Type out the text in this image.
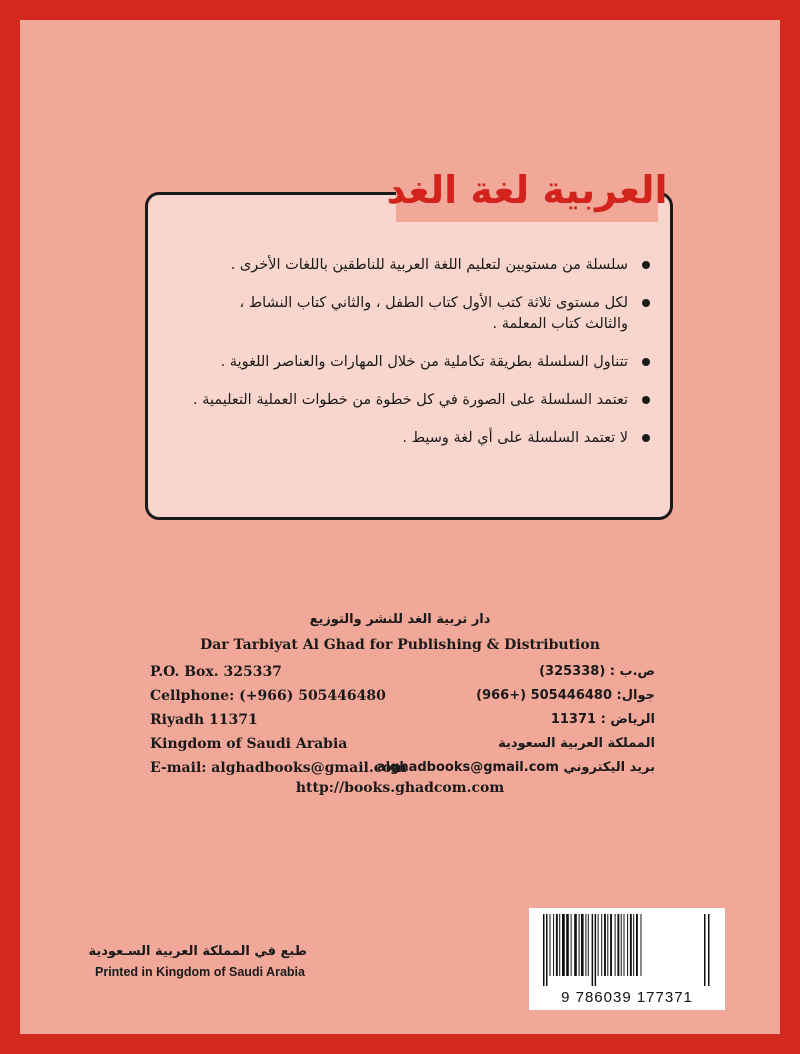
سلسلة من مستويين لتعليم اللغة العربية للناطقين باللغات الأخرى .
لكل مستوى ثلاثة كتب الأول كتاب الطفل ، والثاني كتاب النشاط ، والثالث كتاب المعلمة .
تتناول السلسلة بطريقة تكاملية من خلال المهارات والعناصر اللغوية .
تعتمد السلسلة على الصورة في كل خطوة من خطوات العملية التعليمية .
لا تعتمد السلسلة على أي لغة وسيط .
العربية لغة الغد
دار تربية الغد للنشر والتوزيع
Dar Tarbiyat Al Ghad for Publishing & Distribution
P.O. Box. 325337
Cellphone: (+966) 505446480
Riyadh 11371
Kingdom of Saudi Arabia
E-mail: alghadbooks@gmail.com
ص.ب : (325338)
جوال: 505446480 (+966)
الرياض : 11371
المملكة العربية السعودية
بريد اليكتروني alghadbooks@gmail.com
http://books.ghadcom.com
طبع في المملكة العربية السـعودية
Printed in Kingdom of Saudi Arabia
9 786039 177371
